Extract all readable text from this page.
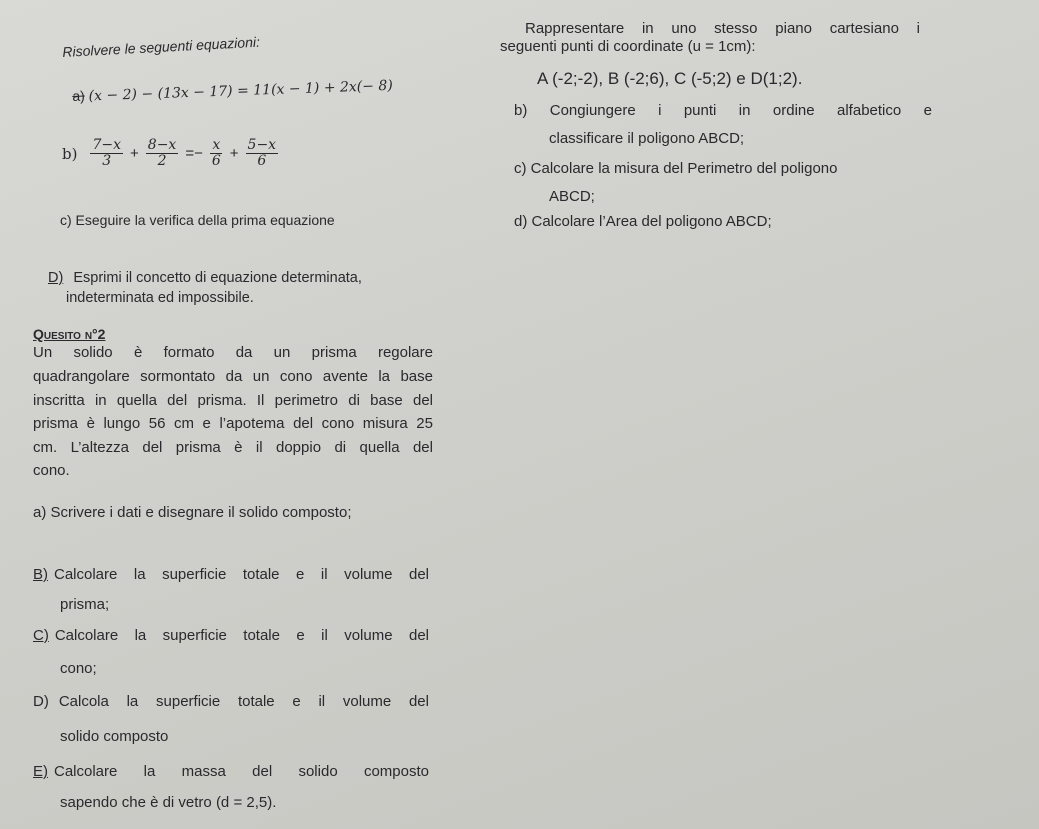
Risolvere le seguenti equazioni:
a) (x − 2) − (13x − 17) = 11(x − 1) + 2x(− 8)
$b) \frac{7-x}{3} + \frac{8-x}{2} =- \frac{x}{6} + \frac{5-x}{6}$
c) Eseguire la verifica della prima equazione
D) Esprimi il concetto di equazione determinata,
indeterminata ed impossibile.
Quesito n°2
Un solido è formato da un prisma regolare
quadrangolare sormontato da un cono avente la base
inscritta in quella del prisma. Il perimetro di base del
prisma è lungo 56 cm e l’apotema del cono misura 25
cm. L’altezza del prisma è il doppio di quella del
cono.
a) Scrivere i dati e disegnare il solido composto;
B) Calcolare la superficie totale e il volume del
prisma;
C) Calcolare la superficie totale e il volume del
cono;
D) Calcola la superficie totale e il volume del
solido composto
E) Calcolare la massa del solido composto
sapendo che è di vetro (d = 2,5).
Rappresentare in uno stesso piano cartesiano i
seguenti punti di coordinate (u = 1cm):
A (-2;-2), B (-2;6), C (-5;2) e D(1;2).
b) Congiungere i punti in ordine alfabetico e
classificare il poligono ABCD;
c) Calcolare la misura del Perimetro del poligono
ABCD;
d) Calcolare l’Area del poligono ABCD;
